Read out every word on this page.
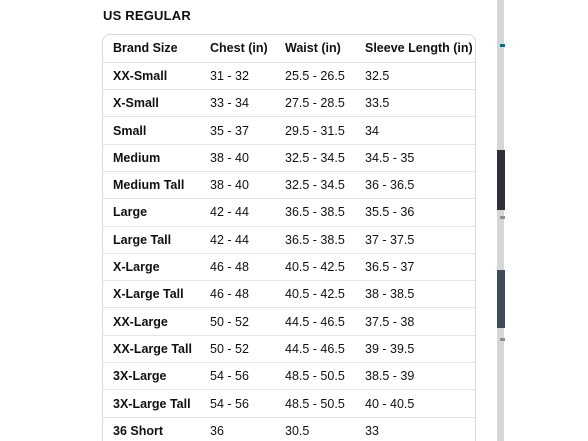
US REGULAR
Brand Size	Chest (in)	Waist (in)	Sleeve Length (in)
XX-Small	31 - 32	25.5 - 26.5	32.5
X-Small	33 - 34	27.5 - 28.5	33.5
Small	35 - 37	29.5 - 31.5	34
Medium	38 - 40	32.5 - 34.5	34.5 - 35
Medium Tall	38 - 40	32.5 - 34.5	36 - 36.5
Large	42 - 44	36.5 - 38.5	35.5 - 36
Large Tall	42 - 44	36.5 - 38.5	37 - 37.5
X-Large	46 - 48	40.5 - 42.5	36.5 - 37
X-Large Tall	46 - 48	40.5 - 42.5	38 - 38.5
XX-Large	50 - 52	44.5 - 46.5	37.5 - 38
XX-Large Tall	50 - 52	44.5 - 46.5	39 - 39.5
3X-Large	54 - 56	48.5 - 50.5	38.5 - 39
3X-Large Tall	54 - 56	48.5 - 50.5	40 - 40.5
36 Short	36	30.5	33
